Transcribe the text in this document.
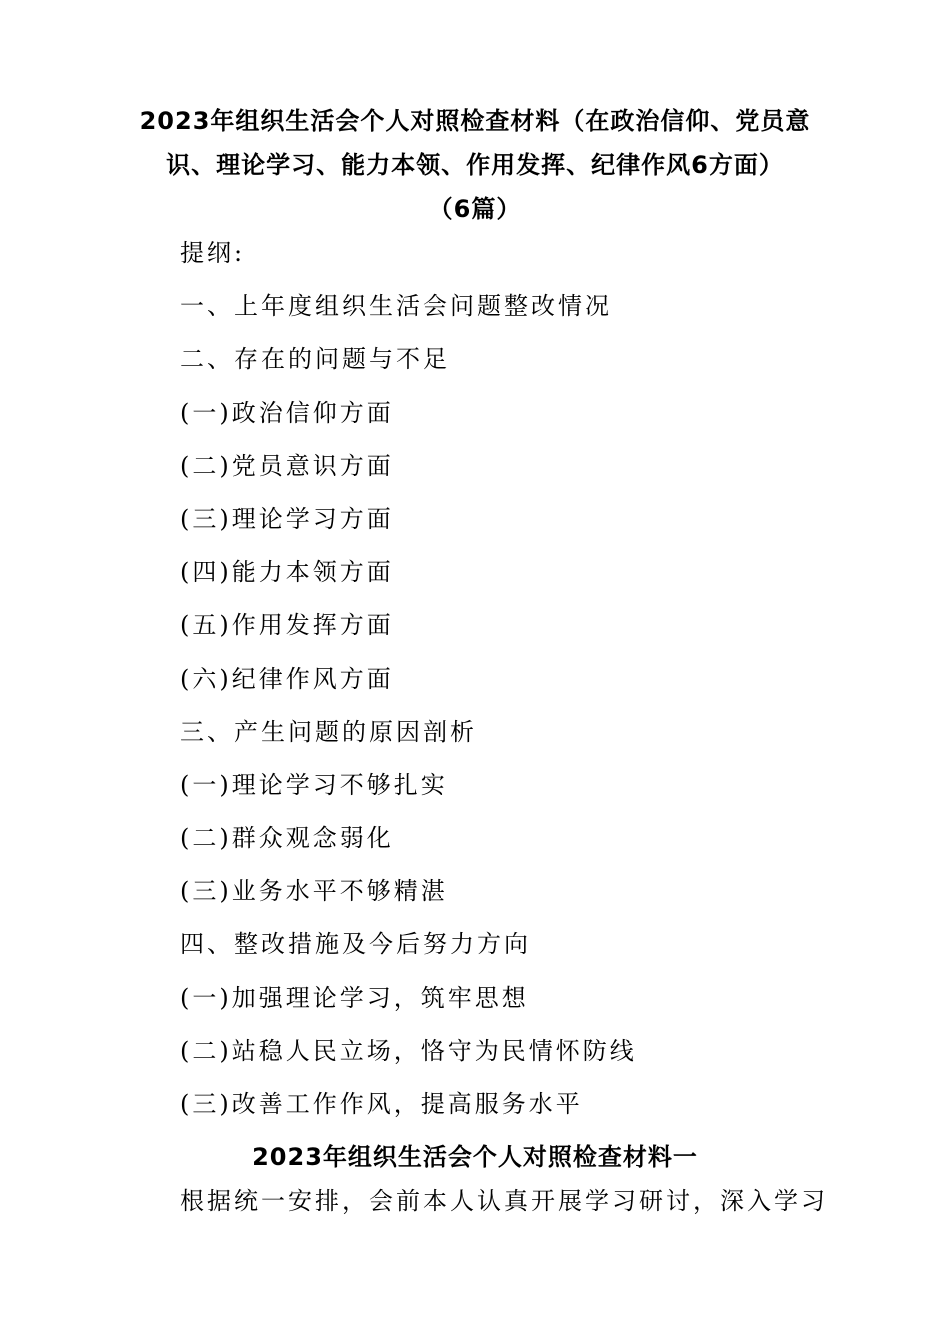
2023年组织生活会个人对照检查材料（在政治信仰、党员意
识、理论学习、能力本领、作用发挥、纪律作风6方面）
（6篇）
提纲:
一、上年度组织生活会问题整改情况
二、存在的问题与不足
(一)政治信仰方面
(二)党员意识方面
(三)理论学习方面
(四)能力本领方面
(五)作用发挥方面
(六)纪律作风方面
三、产生问题的原因剖析
(一)理论学习不够扎实
(二)群众观念弱化
(三)业务水平不够精湛
四、整改措施及今后努力方向
(一)加强理论学习，筑牢思想
(二)站稳人民立场，恪守为民情怀防线
(三)改善工作作风，提高服务水平
2023年组织生活会个人对照检查材料一
根据统一安排，会前本人认真开展学习研讨，深入学习
